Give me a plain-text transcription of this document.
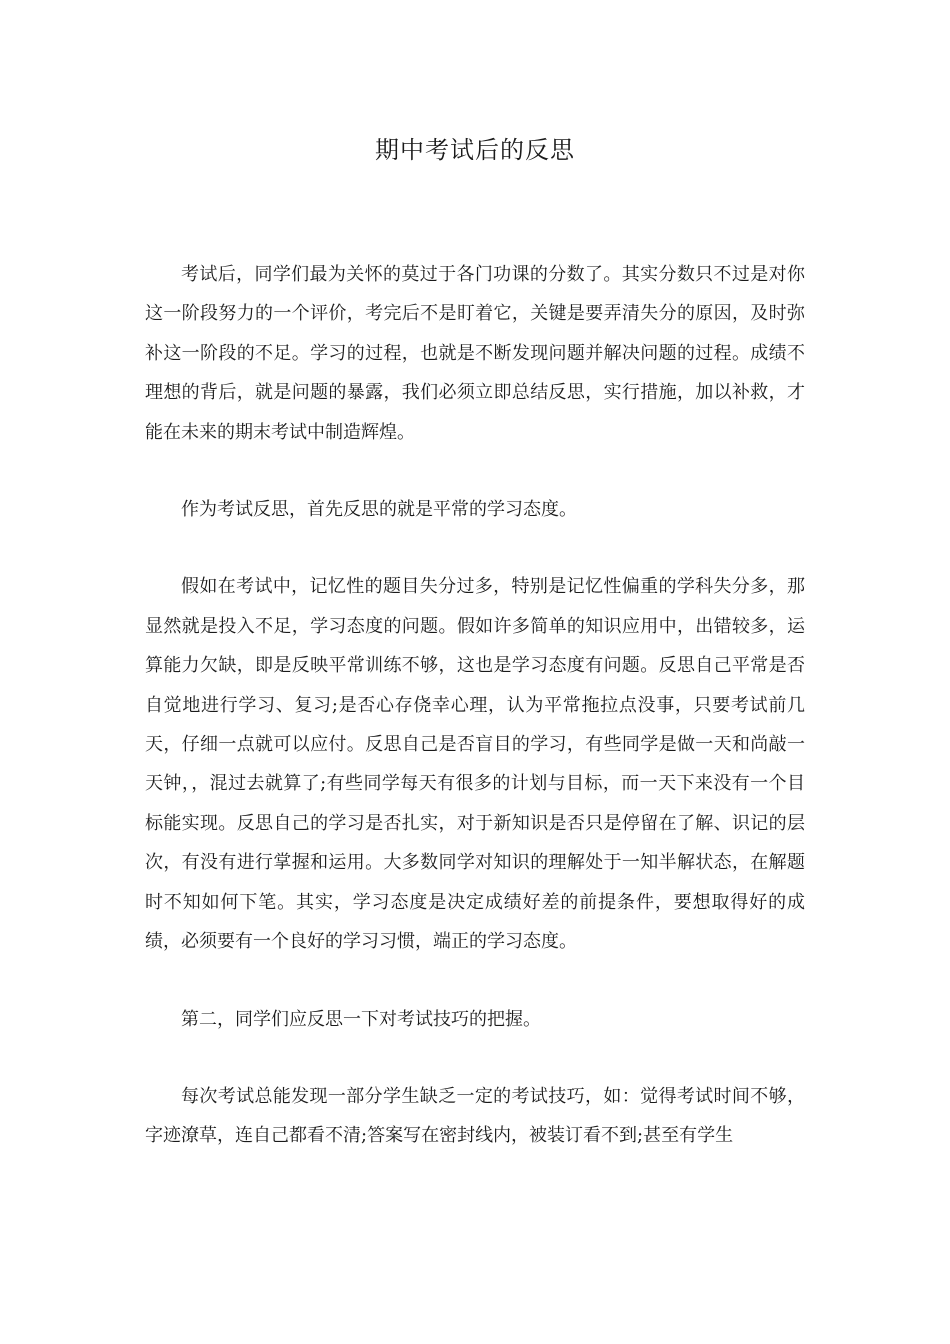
期中考试后的反思

考试后，同学们最为关怀的莫过于各门功课的分数了。其实分数只不过是对你这一阶段努力的一个评价，考完后不是盯着它，关键是要弄清失分的原因，及时弥补这一阶段的不足。学习的过程，也就是不断发现问题并解决问题的过程。成绩不理想的背后，就是问题的暴露，我们必须立即总结反思，实行措施，加以补救，才能在未来的期末考试中制造辉煌。

作为考试反思，首先反思的就是平常的学习态度。

假如在考试中，记忆性的题目失分过多，特别是记忆性偏重的学科失分多，那显然就是投入不足，学习态度的问题。假如许多简单的知识应用中，出错较多，运算能力欠缺，即是反映平常训练不够，这也是学习态度有问题。反思自己平常是否自觉地进行学习、复习;是否心存侥幸心理，认为平常拖拉点没事，只要考试前几天，仔细一点就可以应付。反思自己是否盲目的学习，有些同学是做一天和尚敲一天钟，，混过去就算了;有些同学每天有很多的计划与目标，而一天下来没有一个目标能实现。反思自己的学习是否扎实，对于新知识是否只是停留在了解、识记的层次，有没有进行掌握和运用。大多数同学对知识的理解处于一知半解状态，在解题时不知如何下笔。其实，学习态度是决定成绩好差的前提条件，要想取得好的成绩，必须要有一个良好的学习习惯，端正的学习态度。

第二，同学们应反思一下对考试技巧的把握。

每次考试总能发现一部分学生缺乏一定的考试技巧，如：觉得考试时间不够，字迹潦草，连自己都看不清;答案写在密封线内，被装订看不到;甚至有学生
